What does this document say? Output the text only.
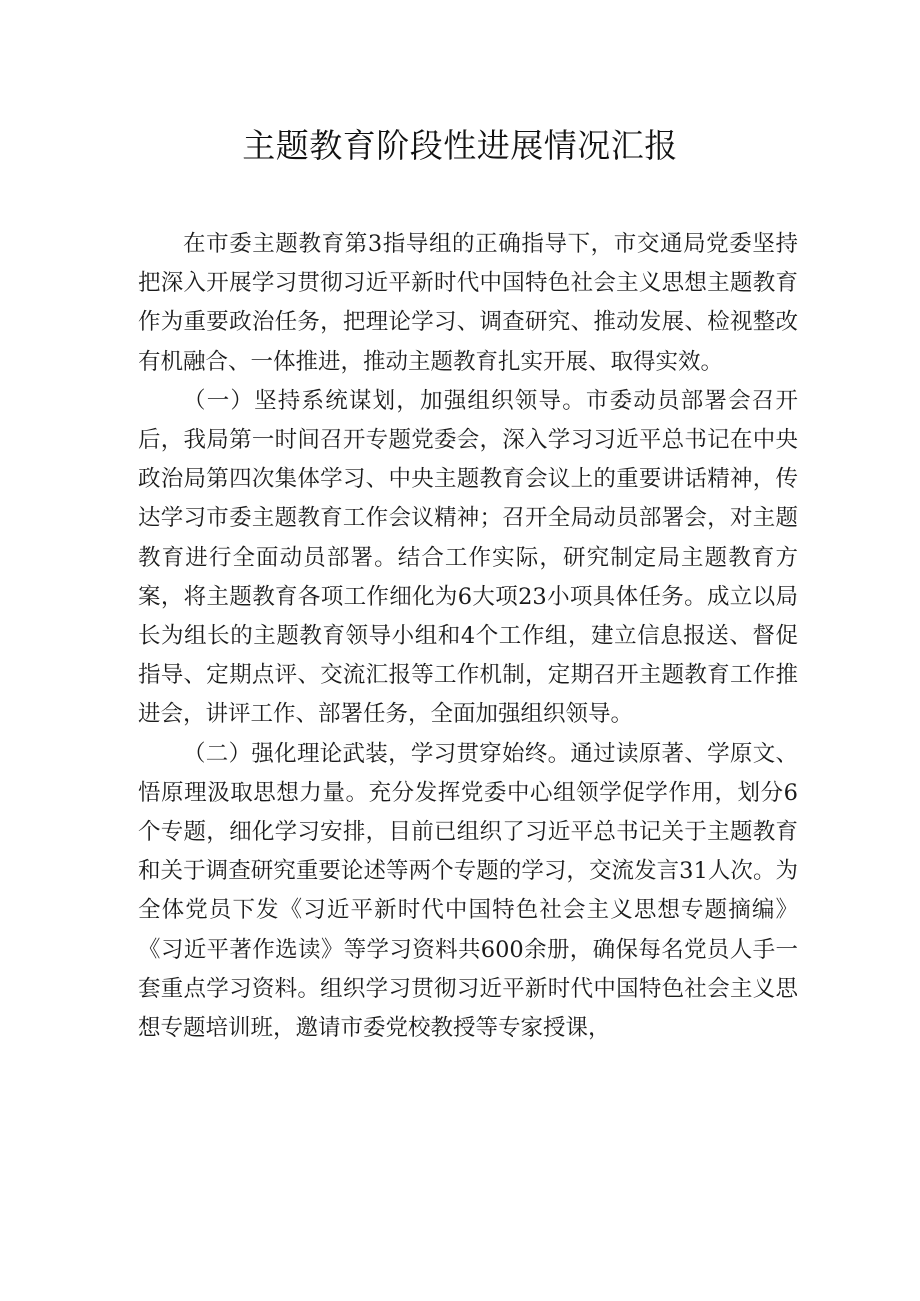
主题教育阶段性进展情况汇报

在市委主题教育第3指导组的正确指导下，市交通局党委坚持把深入开展学习贯彻习近平新时代中国特色社会主义思想主题教育作为重要政治任务，把理论学习、调查研究、推动发展、检视整改有机融合、一体推进，推动主题教育扎实开展、取得实效。

（一）坚持系统谋划，加强组织领导。市委动员部署会召开后，我局第一时间召开专题党委会，深入学习习近平总书记在中央政治局第四次集体学习、中央主题教育会议上的重要讲话精神，传达学习市委主题教育工作会议精神；召开全局动员部署会，对主题教育进行全面动员部署。结合工作实际，研究制定局主题教育方案，将主题教育各项工作细化为6大项23小项具体任务。成立以局长为组长的主题教育领导小组和4个工作组，建立信息报送、督促指导、定期点评、交流汇报等工作机制，定期召开主题教育工作推进会，讲评工作、部署任务，全面加强组织领导。

（二）强化理论武装，学习贯穿始终。通过读原著、学原文、悟原理汲取思想力量。充分发挥党委中心组领学促学作用，划分6个专题，细化学习安排，目前已组织了习近平总书记关于主题教育和关于调查研究重要论述等两个专题的学习，交流发言31人次。为全体党员下发《习近平新时代中国特色社会主义思想专题摘编》《习近平著作选读》等学习资料共600余册，确保每名党员人手一套重点学习资料。组织学习贯彻习近平新时代中国特色社会主义思想专题培训班，邀请市委党校教授等专家授课，
